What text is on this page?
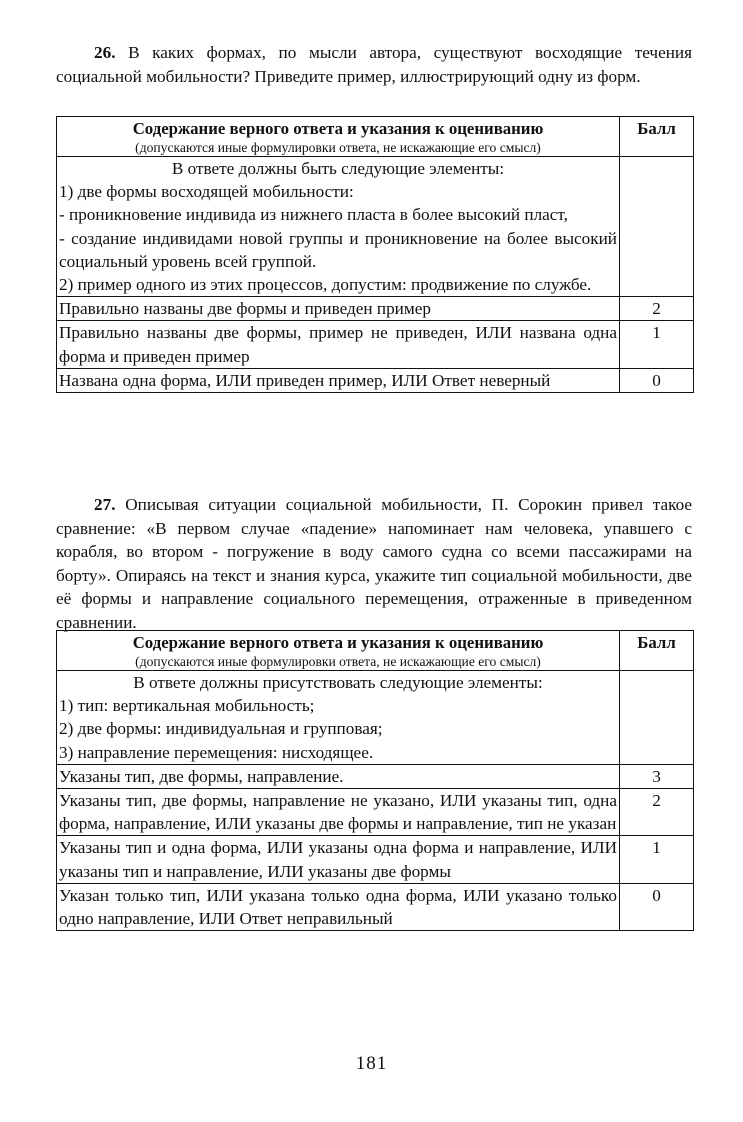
26. В каких формах, по мысли автора, существуют восходящие течения социальной мобильности? Приведите пример, иллюстрирующий одну из форм.
Содержание верного ответа и указания к оцениванию
(допускаются иные формулировки ответа, не искажающие его смысл)	Балл

В ответе должны быть следующие элементы:
1) две формы восходящей мобильности:
- проникновение индивида из нижнего пласта в более высокий пласт,
- создание индивидами новой группы и проникновение на более высокий социальный уровень всей группой.
2) пример одного из этих процессов, допустим: продвижение по службе.	

Правильно названы две формы и приведен пример	2
Правильно названы две формы, пример не приведен, ИЛИ названа одна форма и приведен пример	1
Названа одна форма, ИЛИ приведен пример, ИЛИ Ответ неверный	0
27. Описывая ситуации социальной мобильности, П. Сорокин привел такое сравнение: «В первом случае «падение» напоминает нам человека, упавшего с корабля, во втором - погружение в воду самого судна со всеми пассажирами на борту». Опираясь на текст и знания курса, укажите тип социальной мобильности, две её формы и направление социального перемещения, отраженные в приведенном сравнении.
Содержание верного ответа и указания к оцениванию
(допускаются иные формулировки ответа, не искажающие его смысл)	Балл

В ответе должны присутствовать следующие элементы:
1) тип: вертикальная мобильность;
2) две формы: индивидуальная и групповая;
3) направление перемещения: нисходящее.	

Указаны тип, две формы, направление.	3
Указаны тип, две формы, направление не указано, ИЛИ указаны тип, одна форма, направление, ИЛИ указаны две формы и направление, тип не указан	2
Указаны тип и одна форма, ИЛИ указаны одна форма и направление, ИЛИ указаны тип и направление, ИЛИ указаны две формы	1
Указан только тип, ИЛИ указана только одна форма, ИЛИ указано только одно направление, ИЛИ Ответ неправильный	0
181
